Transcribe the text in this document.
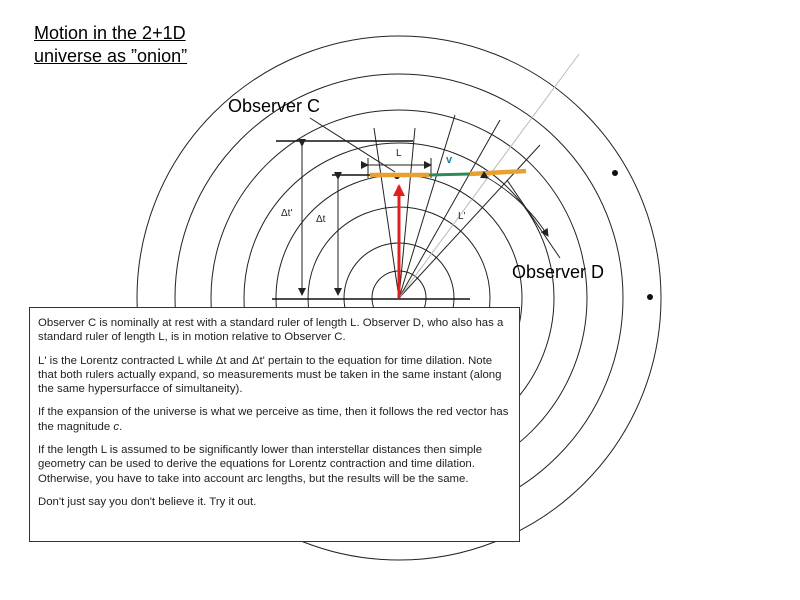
Motion in the 2+1D
universe as ”onion”
Observer C
Observer D
L
v
L'
Δt'
Δt

Observer C is nominally at rest with a standard ruler of length L. Observer D, who also has a standard ruler of length L, is in motion relative to Observer C.

L' is the Lorentz contracted L while Δt and Δt' pertain to the equation for time dilation. Note that both rulers actually expand, so measurements must be taken in the same instant (along the same hypersurfacce of simultaneity).

If the expansion of the universe is what we perceive as time, then it follows the red vector has the magnitude c.

If the length L is assumed to be significantly lower than interstellar distances then simple geometry can be used to derive the equations for Lorentz contraction and time dilation. Otherwise, you have to take into account arc lengths, but the results will be the same.

Don't just say you don't believe it. Try it out.
